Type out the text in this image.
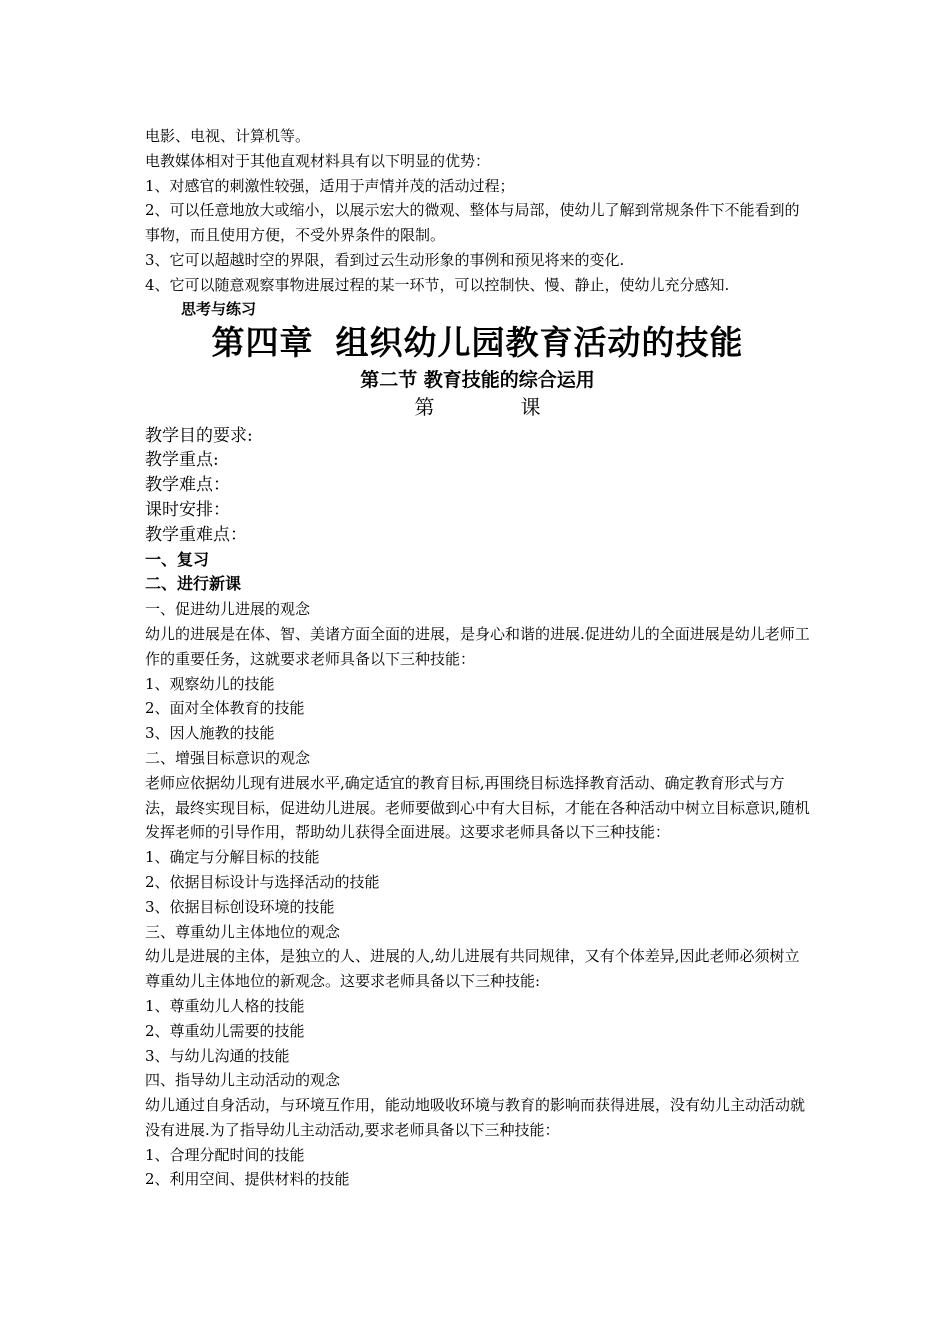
电影、电视、计算机等。

电教媒体相对于其他直观材料具有以下明显的优势：

1、对感官的刺激性较强，适用于声情并茂的活动过程；

2、可以任意地放大或缩小，以展示宏大的微观、整体与局部，使幼儿了解到常规条件下不能看到的事物，而且使用方便，不受外界条件的限制。

3、它可以超越时空的界限，看到过云生动形象的事例和预见将来的变化.

4、它可以随意观察事物进展过程的某一环节，可以控制快、慢、静止，使幼儿充分感知.

思考与练习

第四章 组织幼儿园教育活动的技能
第二节 教育技能的综合运用

第	课

教学目的要求:

教学重点:

教学难点：

课时安排：

教学重难点：

一、复习

二、进行新课

一、促进幼儿进展的观念

幼儿的进展是在体、智、美诸方面全面的进展，是身心和谐的进展.促进幼儿的全面进展是幼儿老师工作的重要任务，这就要求老师具备以下三种技能：

1、观察幼儿的技能

2、面对全体教育的技能

3、因人施教的技能

二、增强目标意识的观念

老师应依据幼儿现有进展水平,确定适宜的教育目标,再围绕目标选择教育活动、确定教育形式与方法，最终实现目标，促进幼儿进展。老师要做到心中有大目标，才能在各种活动中树立目标意识,随机发挥老师的引导作用，帮助幼儿获得全面进展。这要求老师具备以下三种技能：

1、确定与分解目标的技能

2、依据目标设计与选择活动的技能

3、依据目标创设环境的技能

三、尊重幼儿主体地位的观念

幼儿是进展的主体，是独立的人、进展的人,幼儿进展有共同规律，又有个体差异,因此老师必须树立尊重幼儿主体地位的新观念。这要求老师具备以下三种技能:

1、尊重幼儿人格的技能

2、尊重幼儿需要的技能

3、与幼儿沟通的技能

四、指导幼儿主动活动的观念

幼儿通过自身活动，与环境互作用，能动地吸收环境与教育的影响而获得进展，没有幼儿主动活动就没有进展.为了指导幼儿主动活动,要求老师具备以下三种技能：

1、合理分配时间的技能

2、利用空间、提供材料的技能
